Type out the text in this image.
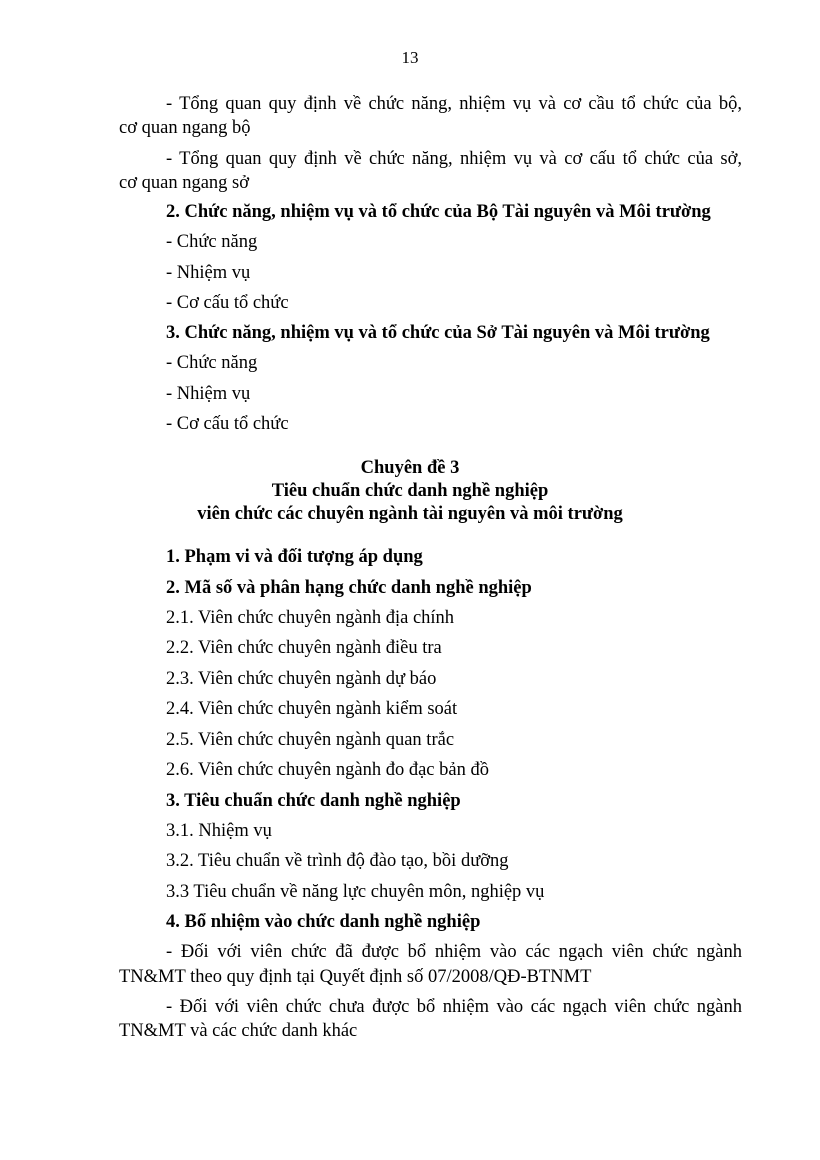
13
- Tổng quan quy định về chức năng, nhiệm vụ và cơ cầu tổ chức của bộ,
cơ quan ngang bộ
- Tổng quan quy định về chức năng, nhiệm vụ và cơ cấu tổ chức của sở,
cơ quan ngang sở
2. Chức năng, nhiệm vụ và tổ chức của Bộ Tài nguyên và Môi trường
- Chức năng
- Nhiệm vụ
- Cơ cấu tổ chức
3. Chức năng, nhiệm vụ và tổ chức của Sở Tài nguyên và Môi trường
- Chức năng
- Nhiệm vụ
- Cơ cấu tổ chức
Chuyên đề 3
Tiêu chuẩn chức danh nghề nghiệp
viên chức các chuyên ngành tài nguyên và môi trường
1. Phạm vi và đối tượng áp dụng
2. Mã số và phân hạng chức danh nghề nghiệp
2.1. Viên chức chuyên ngành địa chính
2.2. Viên chức chuyên ngành điều tra
2.3. Viên chức chuyên ngành dự báo
2.4. Viên chức chuyên ngành kiểm soát
2.5. Viên chức chuyên ngành quan trắc
2.6. Viên chức chuyên ngành đo đạc bản đồ
3. Tiêu chuẩn chức danh nghề nghiệp
3.1. Nhiệm vụ
3.2. Tiêu chuẩn về trình độ đào tạo, bồi dưỡng
3.3 Tiêu chuẩn về năng lực chuyên môn, nghiệp vụ
4. Bổ nhiệm vào chức danh nghề nghiệp
- Đối với viên chức đã được bổ nhiệm vào các ngạch viên chức ngành
TN&MT theo quy định tại Quyết định số 07/2008/QĐ-BTNMT
- Đối với viên chức chưa được bổ nhiệm vào các ngạch viên chức ngành
TN&MT và các chức danh khác
